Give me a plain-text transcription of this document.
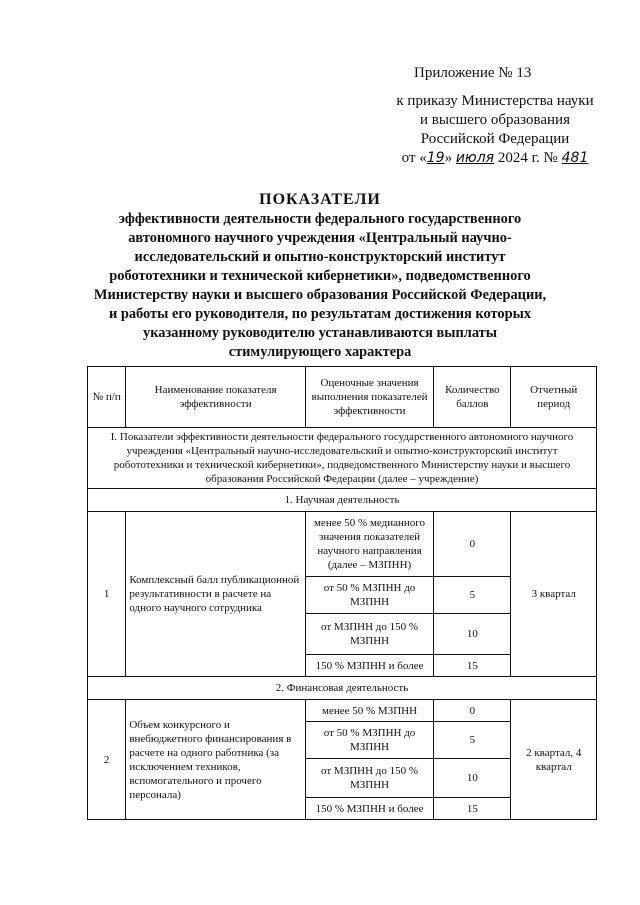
Приложение № 13
к приказу Министерства науки
и высшего образования
Российской Федерации
от «19» июля 2024 г. № 481
ПОКАЗАТЕЛИ
эффективности деятельности федерального государственного
автономного научного учреждения «Центральный научно-
исследовательский и опытно-конструкторский институт
робототехники и технической кибернетики», подведомственного
Министерству науки и высшего образования Российской Федерации,
и работы его руководителя, по результатам достижения которых
указанному руководителю устанавливаются выплаты
стимулирующего характера
№ п/п	Наименование показателя эффективности	Оценочные значения выполнения показателей эффективности	Количество баллов	Отчетный период
I. Показатели эффективности деятельности федерального государственного автономного научного учреждения «Центральный научно-исследовательский и опытно-конструкторский институт робототехники и технической кибернетики», подведомственного Министерству науки и высшего образования Российской Федерации (далее – учреждение)				
1. Научная деятельность				
1	Комплексный балл публикационной результативности в расчете на одного научного сотрудника	менее 50 % медианного значения показателей научного направления (далее – МЗПНН)	0	3 квартал
		от 50 % МЗПНН до МЗПНН	5	
		от МЗПНН до 150 % МЗПНН	10	
		150 % МЗПНН и более	15	
2. Финансовая деятельность				
2	Объем конкурсного и внебюджетного финансирования в расчете на одного работника (за исключением техников, вспомогательного и прочего персонала)	менее 50 % МЗПНН	0	2 квартал, 4 квартал
		от 50 % МЗПНН до МЗПНН	5	
		от МЗПНН до 150 % МЗПНН	10	
		150 % МЗПНН и более	15	
